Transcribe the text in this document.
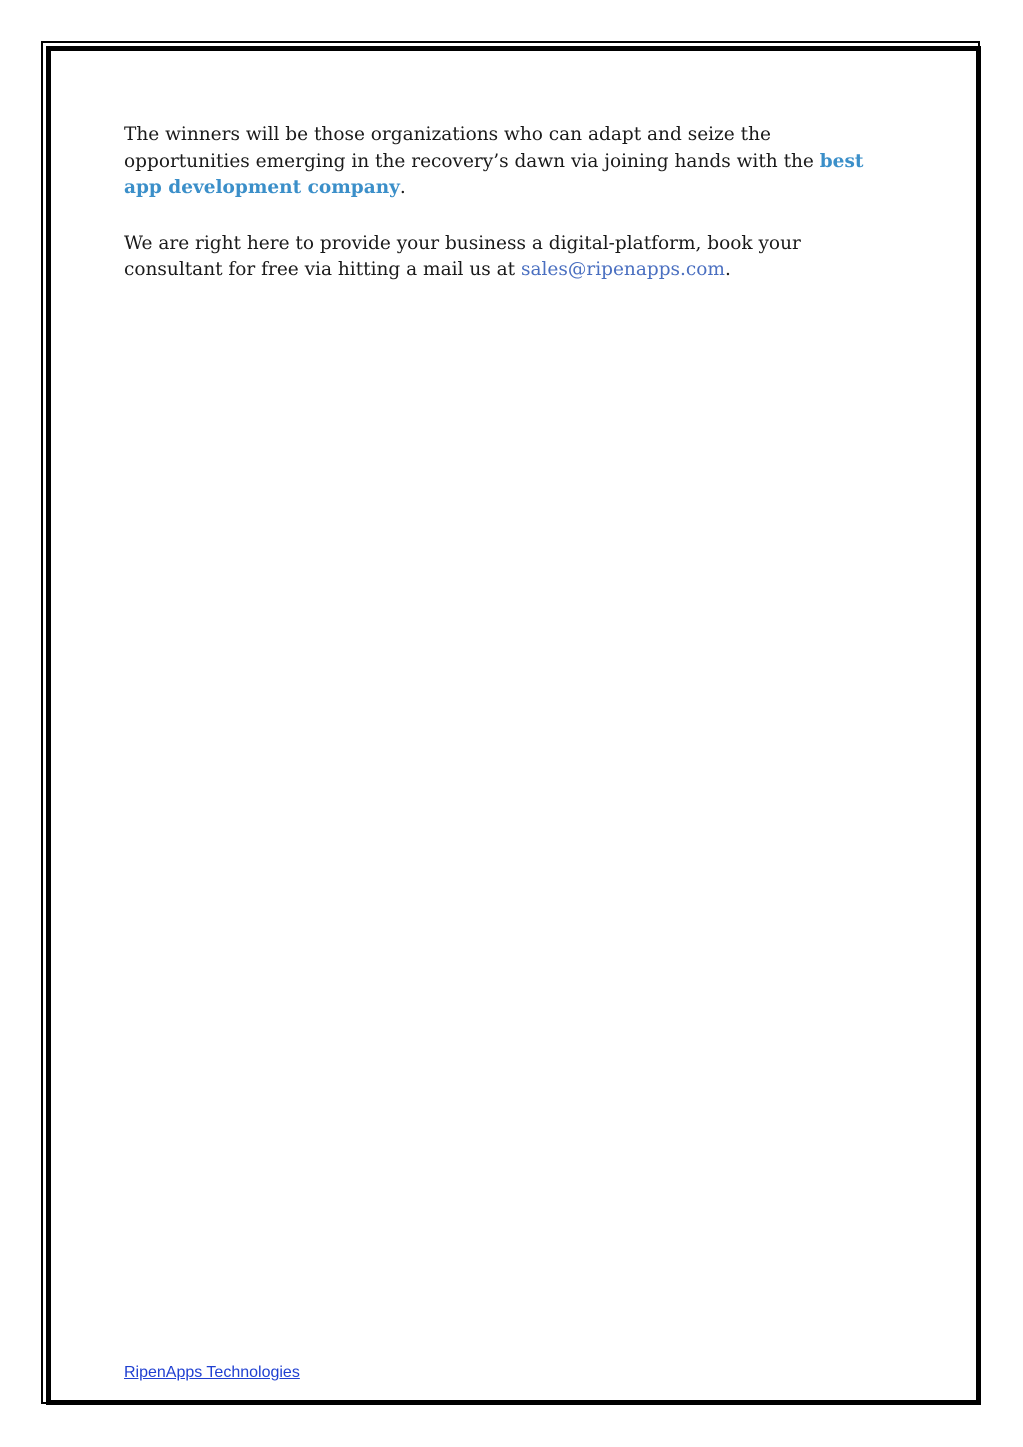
The winners will be those organizations who can adapt and seize the opportunities emerging in the recovery’s dawn via joining hands with the best app development company.

We are right here to provide your business a digital-platform, book your consultant for free via hitting a mail us at sales@ripenapps.com.

RipenApps Technologies
